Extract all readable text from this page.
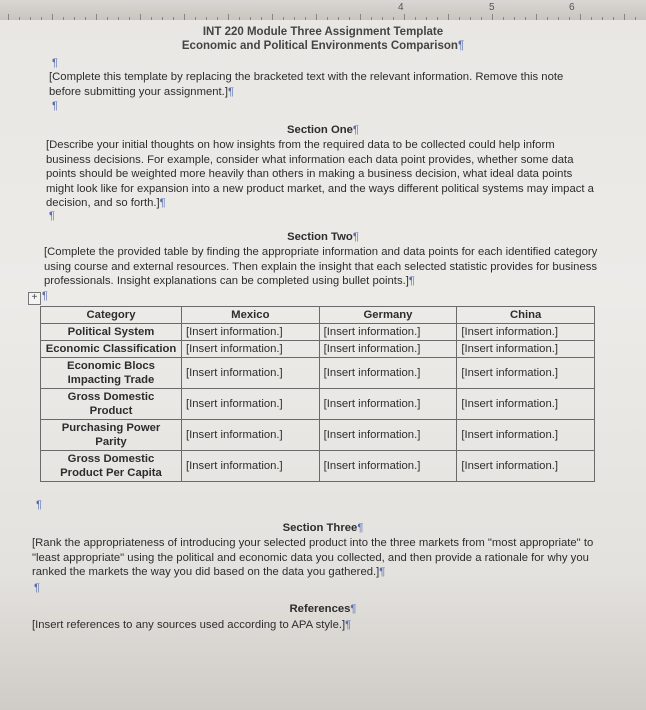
4	5	6
INT 220 Module Three Assignment Template
Economic and Political Environments Comparison¶
¶
[Complete this template by replacing the bracketed text with the relevant information. Remove this note before submitting your assignment.]¶
¶
Section One¶
[Describe your initial thoughts on how insights from the required data to be collected could help inform business decisions. For example, consider what information each data point provides, whether some data points should be weighted more heavily than others in making a business decision, what ideal data points might look like for expansion into a new product market, and the ways different political systems may impact a decision, and so forth.]¶
¶
Section Two¶
[Complete the provided table by finding the appropriate information and data points for each identified category using course and external resources. Then explain the insight that each selected statistic provides for business professionals. Insight explanations can be completed using bullet points.]¶
+ ¶
Category	Mexico	Germany	China
Political System	[Insert information.]	[Insert information.]	[Insert information.]
Economic Classification	[Insert information.]	[Insert information.]	[Insert information.]
Economic Blocs Impacting Trade	[Insert information.]	[Insert information.]	[Insert information.]
Gross Domestic Product	[Insert information.]	[Insert information.]	[Insert information.]
Purchasing Power Parity	[Insert information.]	[Insert information.]	[Insert information.]
Gross Domestic Product Per Capita	[Insert information.]	[Insert information.]	[Insert information.]
¶
Section Three¶
[Rank the appropriateness of introducing your selected product into the three markets from "most appropriate" to "least appropriate" using the political and economic data you collected, and then provide a rationale for why you ranked the markets the way you did based on the data you gathered.]¶
¶
References¶
[Insert references to any sources used according to APA style.]¶
